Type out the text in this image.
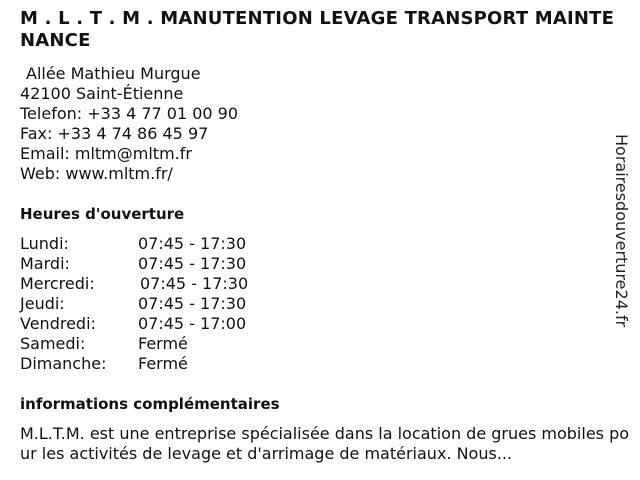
M . L . T . M . MANUTENTION LEVAGE TRANSPORT MAINTENANCE
Allée Mathieu Murgue
42100 Saint-Étienne
Telefon: +33 4 77 01 00 90
Fax: +33 4 74 86 45 97
Email: mltm@mltm.fr
Web: www.mltm.fr/
Heures d'ouverture
Lundi:	07:45 - 17:30
Mardi:	07:45 - 17:30
Mercredi:	07:45 - 17:30
Jeudi:	07:45 - 17:30
Vendredi:	07:45 - 17:00
Samedi:	Fermé
Dimanche: Fermé
informations complémentaires

M.L.T.M. est une entreprise spécialisée dans la location de grues mobiles pour les activités de levage et d'arrimage de matériaux. Nous...

Horairesdouverture24.fr
